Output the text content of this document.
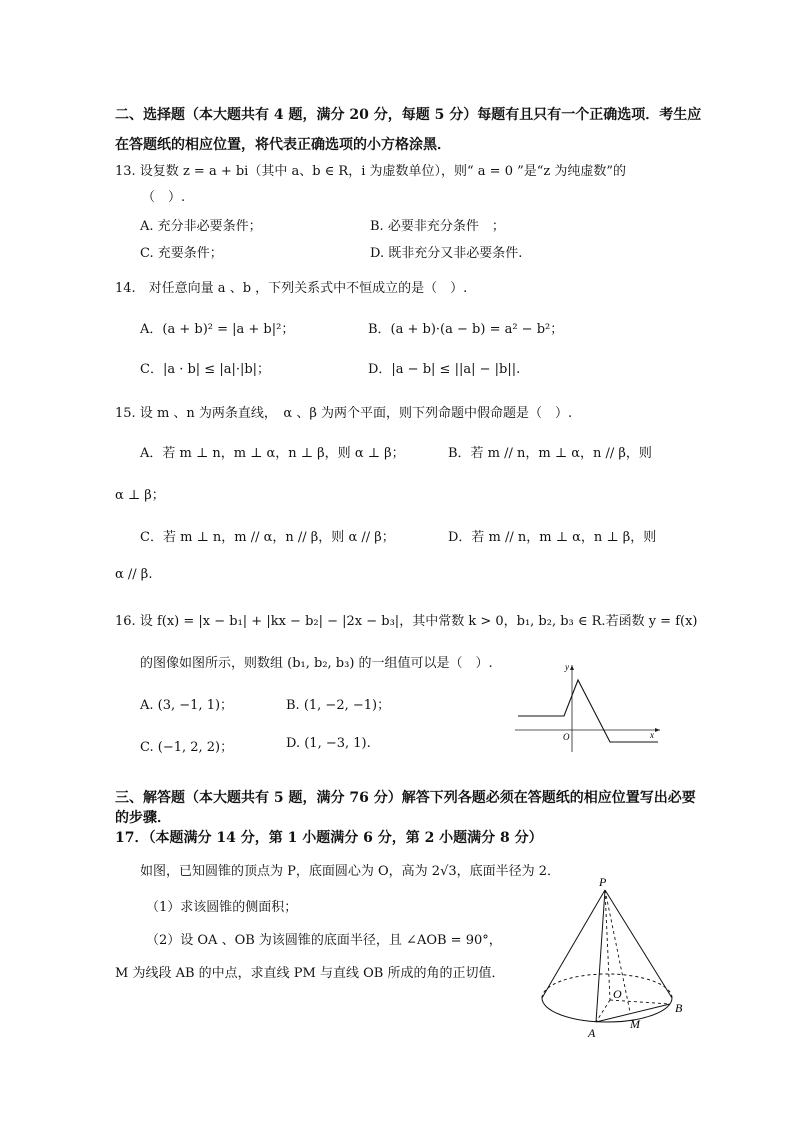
二、选择题（本大题共有 4 题，满分 20 分，每题 5 分）每题有且只有一个正确选项．考生应
在答题纸的相应位置，将代表正确选项的小方格涂黑．
13. 设复数 z = a + bi（其中 a、b ∈ R，i 为虚数单位），则“ a = 0 ”是“z 为纯虚数”的
（　）.
A. 充分非必要条件；	B. 必要非充分条件　；
C. 充要条件；	D. 既非充分又非必要条件.
14.　对任意向量 a 、b ，下列关系式中不恒成立的是（　）.
A．(a + b)² = |a + b|²；	B．(a + b)·(a − b) = a² − b²；
C．|a · b| ≤ |a|·|b|；	D．|a − b| ≤ ||a| − |b||.
15. 设 m 、n 为两条直线，　α 、β 为两个平面，则下列命题中假命题是（　）.
A．若 m ⊥ n，m ⊥ α，n ⊥ β，则 α ⊥ β；	B．若 m // n，m ⊥ α，n // β，则
α ⊥ β；
C．若 m ⊥ n，m // α，n // β，则 α // β；	D．若 m // n，m ⊥ α，n ⊥ β，则
α // β.
16. 设 f(x) = |x − b₁| + |kx − b₂| − |2x − b₃|，其中常数 k > 0，b₁, b₂, b₃ ∈ R.若函数 y = f(x)
的图像如图所示，则数组 (b₁, b₂, b₃) 的一组值可以是（　）.
A. (3, −1, 1)；	B. (1, −2, −1)；
C. (−1, 2, 2)；	D. (1, −3, 1).
y
x
O
三、解答题（本大题共有 5 题，满分 76 分）解答下列各题必须在答题纸的相应位置写出必要
的步骤．
17．（本题满分 14 分，第 1 小题满分 6 分，第 2 小题满分 8 分）
如图，已知圆锥的顶点为 P，底面圆心为 O，高为 2√3，底面半径为 2．
（1）求该圆锥的侧面积；
（2）设 OA 、OB 为该圆锥的底面半径，且 ∠AOB = 90°，
M 为线段 AB 的中点，求直线 PM 与直线 OB 所成的角的正切值．
P
O
A
B
M
